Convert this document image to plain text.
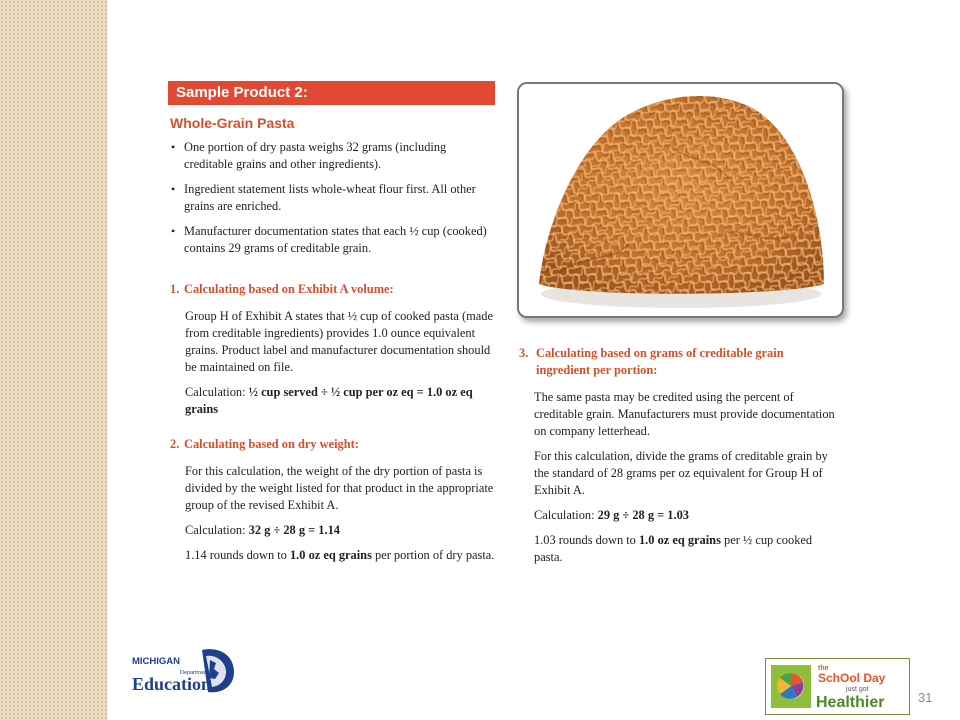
Sample Product 2:
Whole-Grain Pasta
• One portion of dry pasta weighs 32 grams (including creditable grains and other ingredients).
• Ingredient statement lists whole-wheat flour first. All other grains are enriched.
• Manufacturer documentation states that each ½ cup (cooked) contains 29 grams of creditable grain.
1. Calculating based on Exhibit A volume:

Group H of Exhibit A states that ½ cup of cooked pasta (made from creditable ingredients) provides 1.0 ounce equivalent grains. Product label and manufacturer documentation should be maintained on file.

Calculation: ½ cup served ÷ ½ cup per oz eq = 1.0 oz eq grains

2. Calculating based on dry weight:

For this calculation, the weight of the dry portion of pasta is divided by the weight listed for that product in the appropriate group of the revised Exhibit A.

Calculation: 32 g ÷ 28 g = 1.14

1.14 rounds down to 1.0 oz eq grains per portion of dry pasta.

3. Calculating based on grams of creditable grain ingredient per portion:

The same pasta may be credited using the percent of creditable grain. Manufacturers must provide documentation on company letterhead.

For this calculation, divide the grams of creditable grain by the standard of 28 grams per oz equivalent for Group H of Exhibit A.

Calculation: 29 g ÷ 28 g = 1.03

1.03 rounds down to 1.0 oz eq grains per ½ cup cooked pasta.

MICHIGAN
Department of
Education
the
SchOol Day
just got
Healthier	31
